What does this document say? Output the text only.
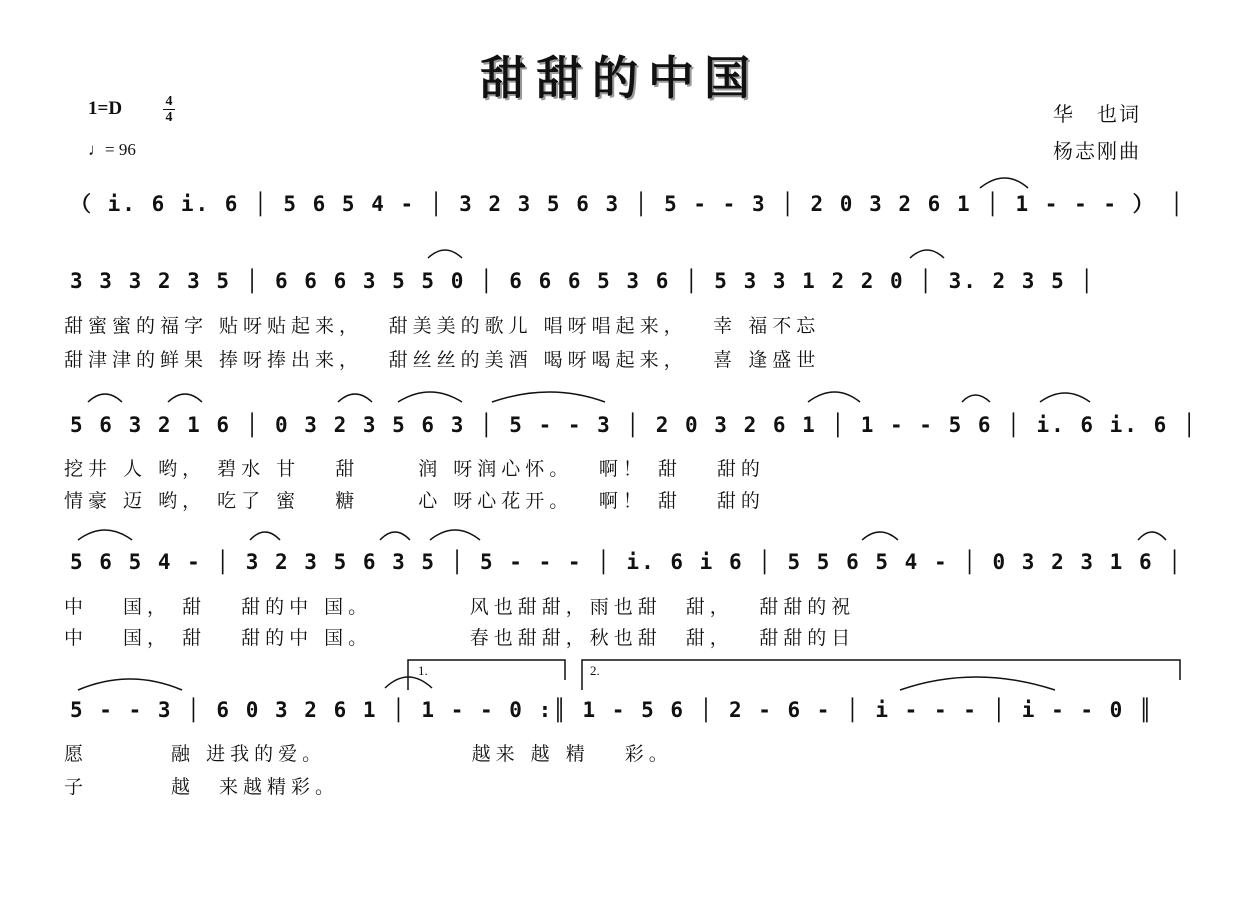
甜甜的中国
1=D	4
4
♩= 96
华　也词
杨志刚曲
（ i. 6 i. 6 │ 5 6 5 4 - │ 3 2 3 5 6 3 │ 5 - - 3 │ 2 0 3 2 6 1 │ 1 - - - ） │
3 3 3 2 3 5 │ 6 6 6 3 5 5 0 │ 6 6 6 5 3 6 │ 5 3 3 1 2 2 0 │ 3. 2 3 5 │
甜蜜蜜的福字 贴呀贴起来，　 甜美美的歌儿 唱呀唱起来，　 幸 福不忘
甜津津的鲜果 捧呀捧出来，　 甜丝丝的美酒 喝呀喝起来，　 喜 逢盛世
5 6 3 2 1 6 │ 0 3 2 3 5 6 3 │ 5 - - 3 │ 2 0 3 2 6 1 │ 1 - - 5 6 │ i. 6 i. 6 │
挖井 人 哟， 碧水 甘　 甜　　 润 呀润心怀。　 啊！ 甜　 甜的
情豪 迈 哟， 吃了 蜜　 糖　　 心 呀心花开。　 啊！ 甜　 甜的
5 6 5 4 - │ 3 2 3 5 6 3 5 │ 5 - - - │ i. 6 i 6 │ 5 5 6 5 4 - │ 0 3 2 3 1 6 │
中　 国， 甜　 甜的中 国。　　　　 风也甜甜，雨也甜　甜，　 甜甜的祝
中　 国， 甜　 甜的中 国。　　　　 春也甜甜，秋也甜　甜，　 甜甜的日
1.	2.
5 - - 3 │ 6 0 3 2 6 1 │ 1 - - 0 :║ 1 - 5 6 │ 2 - 6 - │ i - - - │ i - - 0 ║
愿　　　 融 进我的爱。　　　　　　 越来 越 精　 彩。
子　　　 越　来越精彩。
